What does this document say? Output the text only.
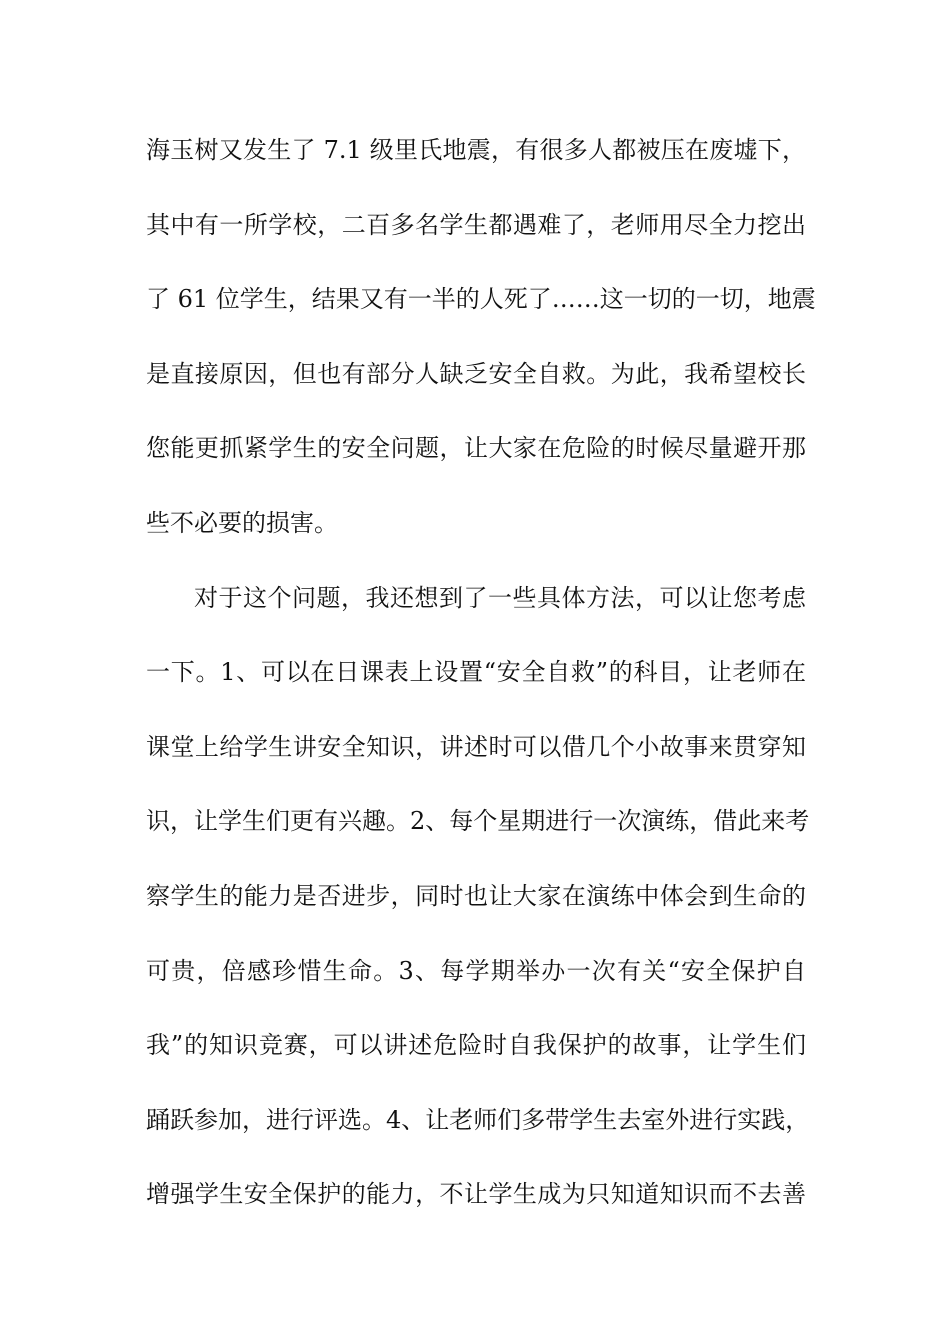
海玉树又发生了 7.1 级里氏地震，有很多人都被压在废墟下，
其中有一所学校，二百多名学生都遇难了，老师用尽全力挖出
了 61 位学生，结果又有一半的人死了……这一切的一切，地震
是直接原因，但也有部分人缺乏安全自救。为此，我希望校长
您能更抓紧学生的安全问题，让大家在危险的时候尽量避开那
些不必要的损害。
对于这个问题，我还想到了一些具体方法，可以让您考虑
一下。1、可以在日课表上设置“安全自救”的科目，让老师在
课堂上给学生讲安全知识，讲述时可以借几个小故事来贯穿知
识，让学生们更有兴趣。2、每个星期进行一次演练，借此来考
察学生的能力是否进步，同时也让大家在演练中体会到生命的
可贵，倍感珍惜生命。3、每学期举办一次有关“安全保护自
我”的知识竞赛，可以讲述危险时自我保护的故事，让学生们
踊跃参加，进行评选。4、让老师们多带学生去室外进行实践，
增强学生安全保护的能力，不让学生成为只知道知识而不去善
